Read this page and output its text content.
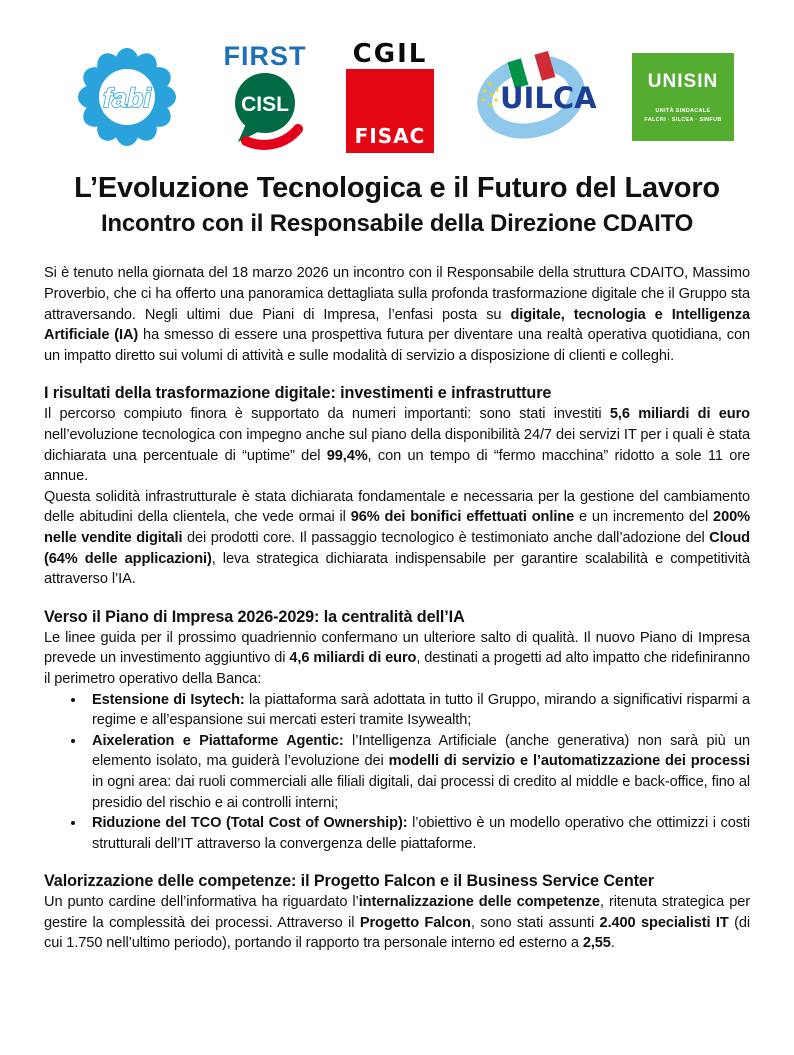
fabi
FIRST
CISL
CGIL
FISAC
UILCA	UNISIN
UNITÀ SINDACALE
FALCRI · SILCEA · SINFUB
L’Evoluzione Tecnologica e il Futuro del Lavoro
Incontro con il Responsabile della Direzione CDAITO

Si è tenuto nella giornata del 18 marzo 2026 un incontro con il Responsabile della struttura CDAITO, Massimo Proverbio, che ci ha offerto una panoramica dettagliata sulla profonda trasformazione digitale che il Gruppo sta attraversando. Negli ultimi due Piani di Impresa, l’enfasi posta su digitale, tecnologia e Intelligenza Artificiale (IA) ha smesso di essere una prospettiva futura per diventare una realtà operativa quotidiana, con un impatto diretto sui volumi di attività e sulle modalità di servizio a disposizione di clienti e colleghi.

I risultati della trasformazione digitale: investimenti e infrastrutture

Il percorso compiuto finora è supportato da numeri importanti: sono stati investiti 5,6 miliardi di euro nell’evoluzione tecnologica con impegno anche sul piano della disponibilità 24/7 dei servizi IT per i quali è stata dichiarata una percentuale di “uptime” del 99,4%, con un tempo di “fermo macchina” ridotto a sole 11 ore annue.

Questa solidità infrastrutturale è stata dichiarata fondamentale e necessaria per la gestione del cambiamento delle abitudini della clientela, che vede ormai il 96% dei bonifici effettuati online e un incremento del 200% nelle vendite digitali dei prodotti core. Il passaggio tecnologico è testimoniato anche dall’adozione del Cloud (64% delle applicazioni), leva strategica dichiarata indispensabile per garantire scalabilità e competitività attraverso l’IA.

Verso il Piano di Impresa 2026-2029: la centralità dell’IA

Le linee guida per il prossimo quadriennio confermano un ulteriore salto di qualità. Il nuovo Piano di Impresa prevede un investimento aggiuntivo di 4,6 miliardi di euro, destinati a progetti ad alto impatto che ridefiniranno il perimetro operativo della Banca:

• Estensione di Isytech: la piattaforma sarà adottata in tutto il Gruppo, mirando a significativi risparmi a regime e all’espansione sui mercati esteri tramite Isywealth;
• Aixeleration e Piattaforme Agentic: l’Intelligenza Artificiale (anche generativa) non sarà più un elemento isolato, ma guiderà l’evoluzione dei modelli di servizio e l’automatizzazione dei processi in ogni area: dai ruoli commerciali alle filiali digitali, dai processi di credito al middle e back-office, fino al presidio del rischio e ai controlli interni;
• Riduzione del TCO (Total Cost of Ownership): l’obiettivo è un modello operativo che ottimizzi i costi strutturali dell’IT attraverso la convergenza delle piattaforme.
Valorizzazione delle competenze: il Progetto Falcon e il Business Service Center

Un punto cardine dell’informativa ha riguardato l’internalizzazione delle competenze, ritenuta strategica per gestire la complessità dei processi. Attraverso il Progetto Falcon, sono stati assunti 2.400 specialisti IT (di cui 1.750 nell’ultimo periodo), portando il rapporto tra personale interno ed esterno a 2,55.
